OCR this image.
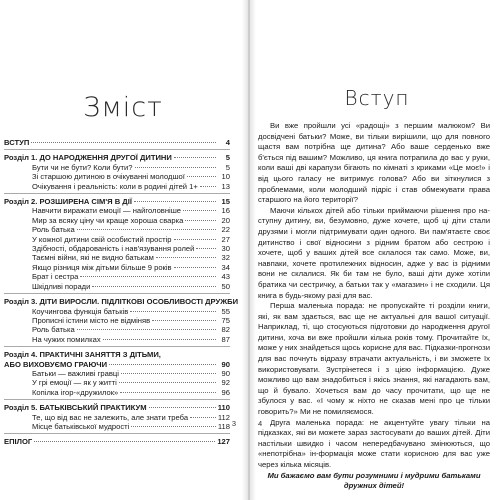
Зміст
ВСТУП	4
Розділ 1. ДО НАРОДЖЕННЯ ДРУГОЇ ДИТИНИ	5
Бути чи не бути? Коли бути?	5
Зі старшою дитиною в очікуванні молодшої	10
Очікування і реальність: коли в родині дітей 1+	13
Розділ 2. РОЗШИРЕНА СІМ'Я В ДІЇ	15
Навчити виражати емоції — найголовніше	16
Мир за всяку ціну чи краще хороша сварка	20
Роль батька	22
У кожної дитини свій особистий простір	27
Здібності, обдарованість і нав'язування ролей	30
Таємні війни, які не видно батькам	32
Якщо різниця між дітьми більше 9 років	34
Брат і сестра	43
Шкідливі поради	50
Розділ 3. ДІТИ ВИРОСЛИ. ПІДЛІТКОВІ ОСОБЛИВОСТІ ДРУЖБИ
Коучингова функція батьків	55
Прописні істини місто не відміняв	75
Роль батька	82
На чужих помилках	87
Розділ 4. ПРАКТИЧНІ ЗАНЯТТЯ З ДІТЬМИ,
АБО ВИХОВУЄМО ГРАЮЧИ	90
Батьки — важливі гравці	90
У грі емоції — як у житті	92
Копілка ігор-«дружилок»	96
Розділ 5. БАТЬКІВСЬКИЙ ПРАКТИКУМ	110
Те, що від вас не залежить, але знати треба	112
Місце батьківської мудрості	118
ЕПІЛОГ	127
3
Вступ

Ви вже пройшли усі «радощі» з першим малюком? Ви досвідчені батьки? Може, ви тільки вирішили, що для повного щастя вам потрібна ще дитина? Або ваше серденько вже б'ється під вашим? Можливо, ця книга потрапила до вас у руки, коли ваші дві карапузи бігають по кімнаті з криками «Це моє!» і від цього галасу не витримує голова? Або ви зіткнулися з проблемами, коли молодший підріс і став обмежувати права старшого на його території?

Маючи кількох дітей або тільки приймаючи рішення про на-ступну дитину, ви, безумовно, дуже хочете, щоб ці діти стали друзями і могли підтримувати один одного. Ви пам'ятаєте своє дитинство і свої відносини з рідним братом або сестрою і хочете, щоб у ваших дітей все склалося так само. Може, ви, навпаки, хочете протилежних відносин, адже у вас із рідними вони не склалися. Як би там не було, ваші діти дуже хотіли братика чи сестричку, а батьки так у «магазин» і не сходили. Ця книга в будь-якому разі для вас.

Перша маленька порада: не пропускайте ті розділи книги, які, як вам здається, вас ще не актуальні для вашої ситуації. Наприклад, ті, що стосуються підготовки до народження другої дитини, хоча ви вже пройшли кілька років тому. Прочитайте їх, може у них знайдеться щось корисне для вас. Підказки-прогнози для вас почнуть відразу втрачати актуальність, і ви зможете їх використовувати. Зустрінетеся і з цією інформацією. Дуже можливо що вам знадобиться і якісь знання, які нагадають вам, що й бувало. Хочеться вам до часу прочитати, що ще не збулося у вас. «І чому ж ніхто не сказав мені про це тільки говорить?» Ми не помиляємося.

Друга маленька порада: не акцентуйте увагу тільки на підказках, які ви можете зараз застосувати до ваших дітей. Діти настільки швидко і часом непередбачувано змінюються, що «непотрібна» ін-формація може стати корисною для вас уже через кілька місяців.

Ми бажаємо вам бути розумними і мудрими батьками дружних дітей!

4
